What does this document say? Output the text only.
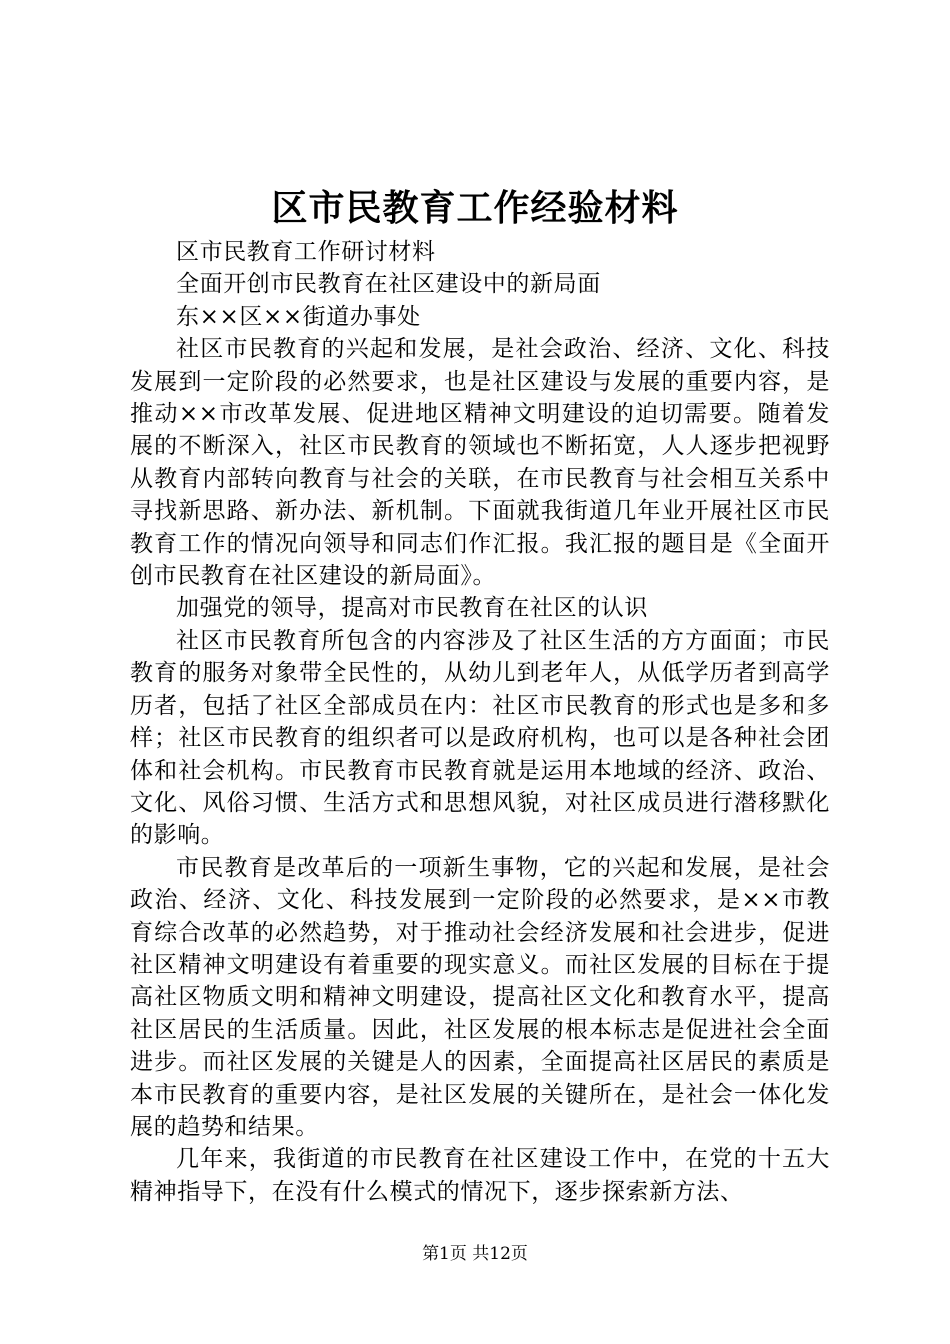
区市民教育工作经验材料

区市民教育工作研讨材料

全面开创市民教育在社区建设中的新局面

东××区××街道办事处

社区市民教育的兴起和发展，是社会政治、经济、文化、科技发展到一定阶段的必然要求，也是社区建设与发展的重要内容，是推动××市改革发展、促进地区精神文明建设的迫切需要。随着发展的不断深入，社区市民教育的领域也不断拓宽，人人逐步把视野从教育内部转向教育与社会的关联，在市民教育与社会相互关系中寻找新思路、新办法、新机制。下面就我街道几年业开展社区市民教育工作的情况向领导和同志们作汇报。我汇报的题目是《全面开创市民教育在社区建设的新局面》。

加强党的领导，提高对市民教育在社区的认识

社区市民教育所包含的内容涉及了社区生活的方方面面；市民教育的服务对象带全民性的，从幼儿到老年人，从低学历者到高学历者，包括了社区全部成员在内：社区市民教育的形式也是多和多样；社区市民教育的组织者可以是政府机构，也可以是各种社会团体和社会机构。市民教育市民教育就是运用本地域的经济、政治、文化、风俗习惯、生活方式和思想风貌，对社区成员进行潜移默化的影响。

市民教育是改革后的一项新生事物，它的兴起和发展，是社会政治、经济、文化、科技发展到一定阶段的必然要求，是××市教育综合改革的必然趋势，对于推动社会经济发展和社会进步，促进社区精神文明建设有着重要的现实意义。而社区发展的目标在于提高社区物质文明和精神文明建设，提高社区文化和教育水平，提高社区居民的生活质量。因此，社区发展的根本标志是促进社会全面进步。而社区发展的关键是人的因素，全面提高社区居民的素质是本市民教育的重要内容，是社区发展的关键所在，是社会一体化发展的趋势和结果。

几年来，我街道的市民教育在社区建设工作中，在党的十五大精神指导下，在没有什么模式的情况下，逐步探索新方法、

第1页 共12页
